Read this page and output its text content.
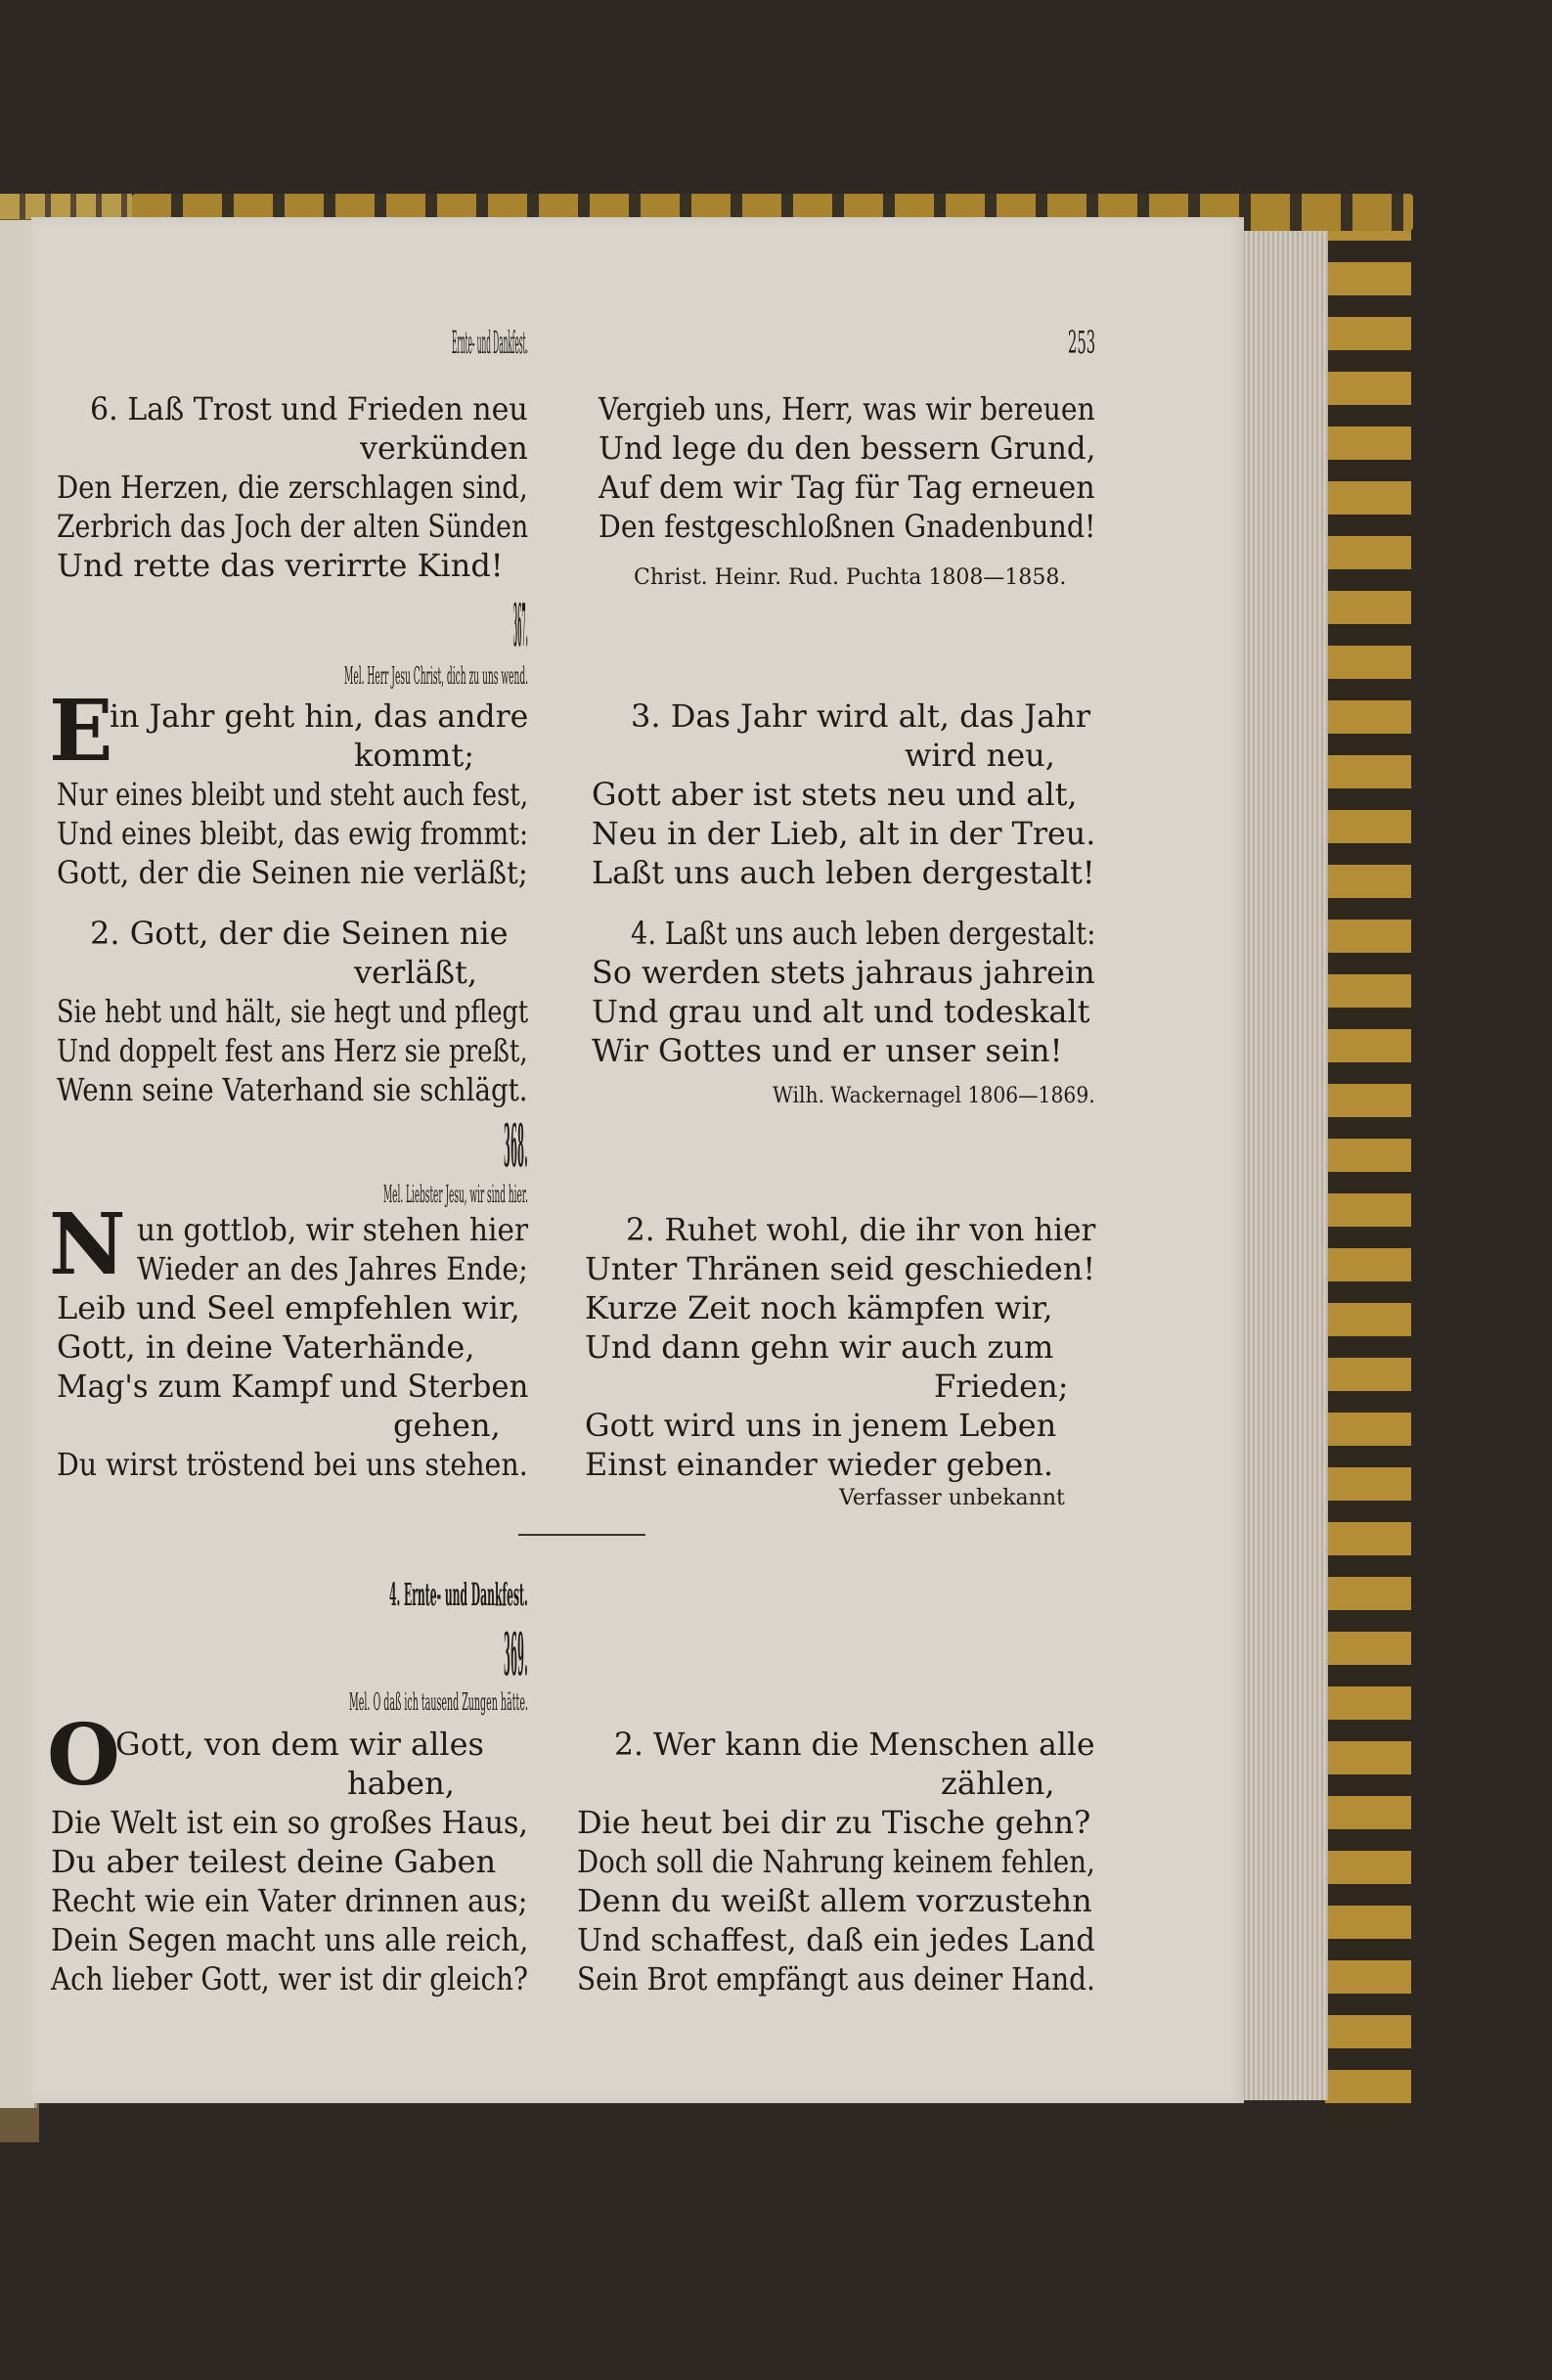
Ernte- und Dankfest.	253
6. Laß Trost und Frieden neu
verkünden
Den Herzen, die zerschlagen sind,
Zerbrich das Joch der alten Sünden
Und rette das verirrte Kind!
Vergieb uns, Herr, was wir bereuen
Und lege du den bessern Grund,
Auf dem wir Tag für Tag erneuen
Den festgeschloßnen Gnadenbund!
Christ. Heinr. Rud. Puchta 1808—1858.
367.
Mel. Herr Jesu Christ, dich zu uns wend.
E
in Jahr geht hin, das andre
kommt;
Nur eines bleibt und steht auch fest,
Und eines bleibt, das ewig frommt:
Gott, der die Seinen nie verläßt;
2. Gott, der die Seinen nie
verläßt,
Sie hebt und hält, sie hegt und pflegt
Und doppelt fest ans Herz sie preßt,
Wenn seine Vaterhand sie schlägt.
3. Das Jahr wird alt, das Jahr
wird neu,
Gott aber ist stets neu und alt,
Neu in der Lieb, alt in der Treu.
Laßt uns auch leben dergestalt!
4. Laßt uns auch leben dergestalt:
So werden stets jahraus jahrein
Und grau und alt und todeskalt
Wir Gottes und er unser sein!
Wilh. Wackernagel 1806—1869.
368.
Mel. Liebster Jesu, wir sind hier.
N un gottlob, wir stehen hier
Wieder an des Jahres Ende;
Leib und Seel empfehlen wir,
Gott, in deine Vaterhände,
Mag's zum Kampf und Sterben
gehen,
Du wirst tröstend bei uns stehen.
2. Ruhet wohl, die ihr von hier
Unter Thränen seid geschieden!
Kurze Zeit noch kämpfen wir,
Und dann gehn wir auch zum
Frieden;
Gott wird uns in jenem Leben
Einst einander wieder geben.
Verfasser unbekannt
4. Ernte- und Dankfest.
369.
Mel. O daß ich tausend Zungen hätte.
O
Gott, von dem wir alles
haben,
Die Welt ist ein so großes Haus,
Du aber teilest deine Gaben
Recht wie ein Vater drinnen aus;
Dein Segen macht uns alle reich,
Ach lieber Gott, wer ist dir gleich?
2. Wer kann die Menschen alle
zählen,
Die heut bei dir zu Tische gehn?
Doch soll die Nahrung keinem fehlen,
Denn du weißt allem vorzustehn
Und schaffest, daß ein jedes Land
Sein Brot empfängt aus deiner Hand.
